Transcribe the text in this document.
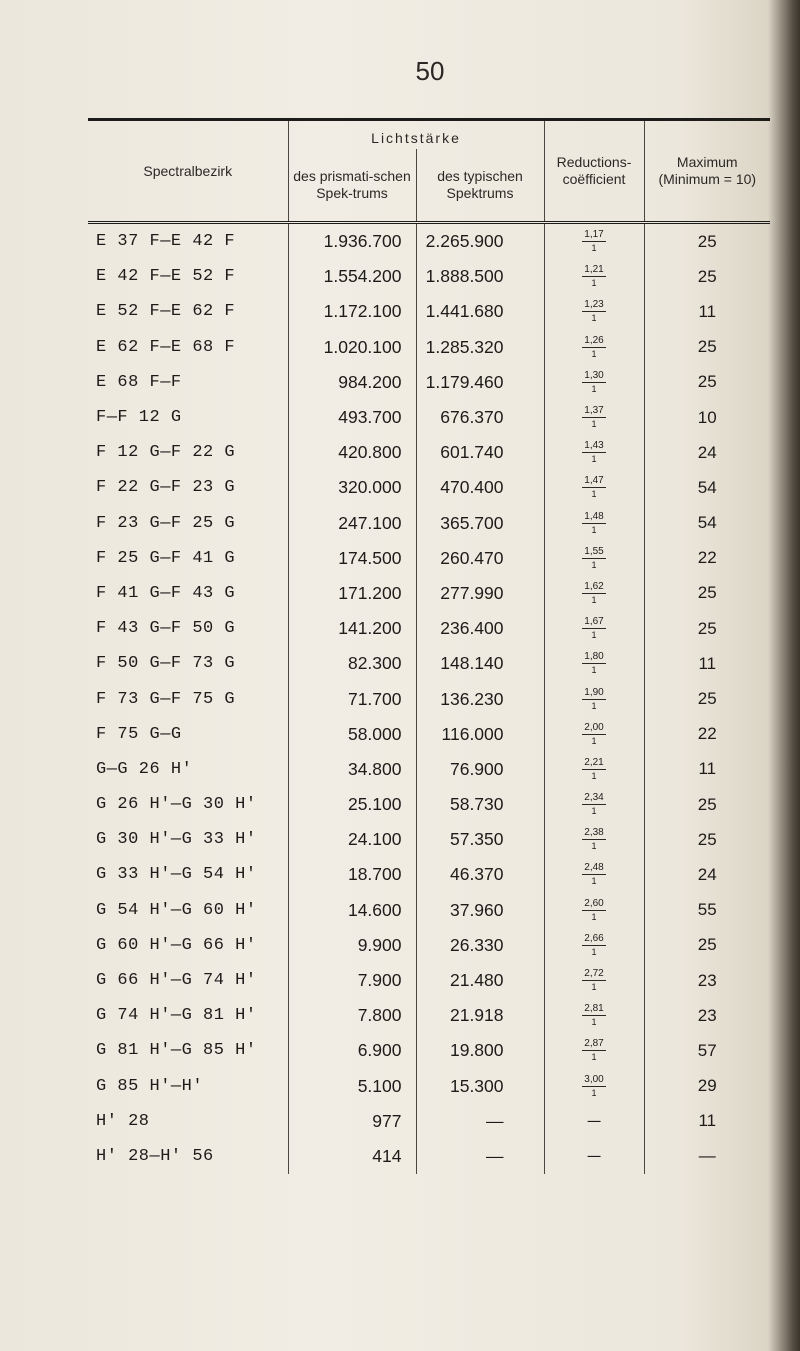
50
Spectralbezirk	Lichtstärke		Reductions-coëfficient	Maximum (Minimum = 10)
	des prismati-schen Spek-trums	des typischen Spektrums		
E 37 F—E 42 F	1.936.700	2.265.900	$\frac{1,17}{1}$	25
E 42 F—E 52 F	1.554.200	1.888.500	$\frac{1,21}{1}$	25
E 52 F—E 62 F	1.172.100	1.441.680	$\frac{1,23}{1}$	11
E 62 F—E 68 F	1.020.100	1.285.320	$\frac{1,26}{1}$	25
E 68 F—F	984.200	1.179.460	$\frac{1,30}{1}$	25
F—F 12 G	493.700	676.370	$\frac{1,37}{1}$	10
F 12 G—F 22 G	420.800	601.740	$\frac{1,43}{1}$	24
F 22 G—F 23 G	320.000	470.400	$\frac{1,47}{1}$	54
F 23 G—F 25 G	247.100	365.700	$\frac{1,48}{1}$	54
F 25 G—F 41 G	174.500	260.470	$\frac{1,55}{1}$	22
F 41 G—F 43 G	171.200	277.990	$\frac{1,62}{1}$	25
F 43 G—F 50 G	141.200	236.400	$\frac{1,67}{1}$	25
F 50 G—F 73 G	82.300	148.140	$\frac{1,80}{1}$	11
F 73 G—F 75 G	71.700	136.230	$\frac{1,90}{1}$	25
F 75 G—G	58.000	116.000	$\frac{2,00}{1}$	22
G—G 26 H'	34.800	76.900	$\frac{2,21}{1}$	11
G 26 H'—G 30 H'	25.100	58.730	$\frac{2,34}{1}$	25
G 30 H'—G 33 H'	24.100	57.350	$\frac{2,38}{1}$	25
G 33 H'—G 54 H'	18.700	46.370	$\frac{2,48}{1}$	24
G 54 H'—G 60 H'	14.600	37.960	$\frac{2,60}{1}$	55
G 60 H'—G 66 H'	9.900	26.330	$\frac{2,66}{1}$	25
G 66 H'—G 74 H'	7.900	21.480	$\frac{2,72}{1}$	23
G 74 H'—G 81 H'	7.800	21.918	$\frac{2,81}{1}$	23
G 81 H'—G 85 H'	6.900	19.800	$\frac{2,87}{1}$	57
G 85 H'—H'	5.100	15.300	$\frac{3,00}{1}$	29
H' 28	977	—	—	11
H' 28—H' 56	414	—	—	—
